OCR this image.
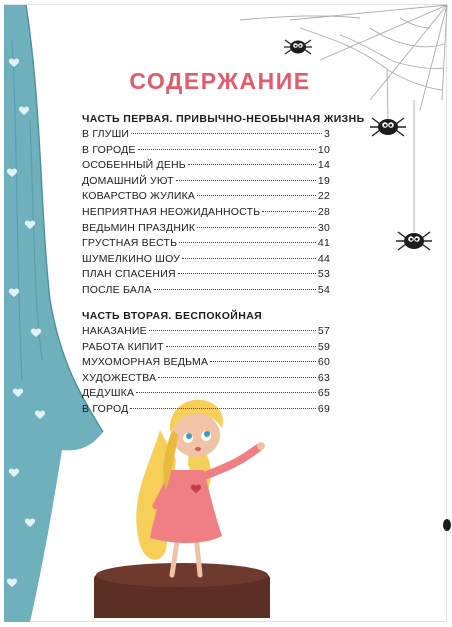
СОДЕРЖАНИЕ
ЧАСТЬ ПЕРВАЯ. ПРИВЫЧНО-НЕОБЫЧНАЯ ЖИЗНЬ
В ГЛУШИ	3
В ГОРОДЕ	10
ОСОБЕННЫЙ ДЕНЬ	14
ДОМАШНИЙ УЮТ	19
КОВАРСТВО ЖУЛИКА	22
НЕПРИЯТНАЯ НЕОЖИДАННОСТЬ	28
ВЕДЬМИН ПРАЗДНИК	30
ГРУСТНАЯ ВЕСТЬ	41
ШУМЕЛКИНО ШОУ	44
ПЛАН СПАСЕНИЯ	53
ПОСЛЕ БАЛА	54
ЧАСТЬ ВТОРАЯ. БЕСПОКОЙНАЯ
НАКАЗАНИЕ	57
РАБОТА КИПИТ	59
МУХОМОРНАЯ ВЕДЬМА	60
ХУДОЖЕСТВА	63
ДЕДУШКА	65
В ГОРОД	69
